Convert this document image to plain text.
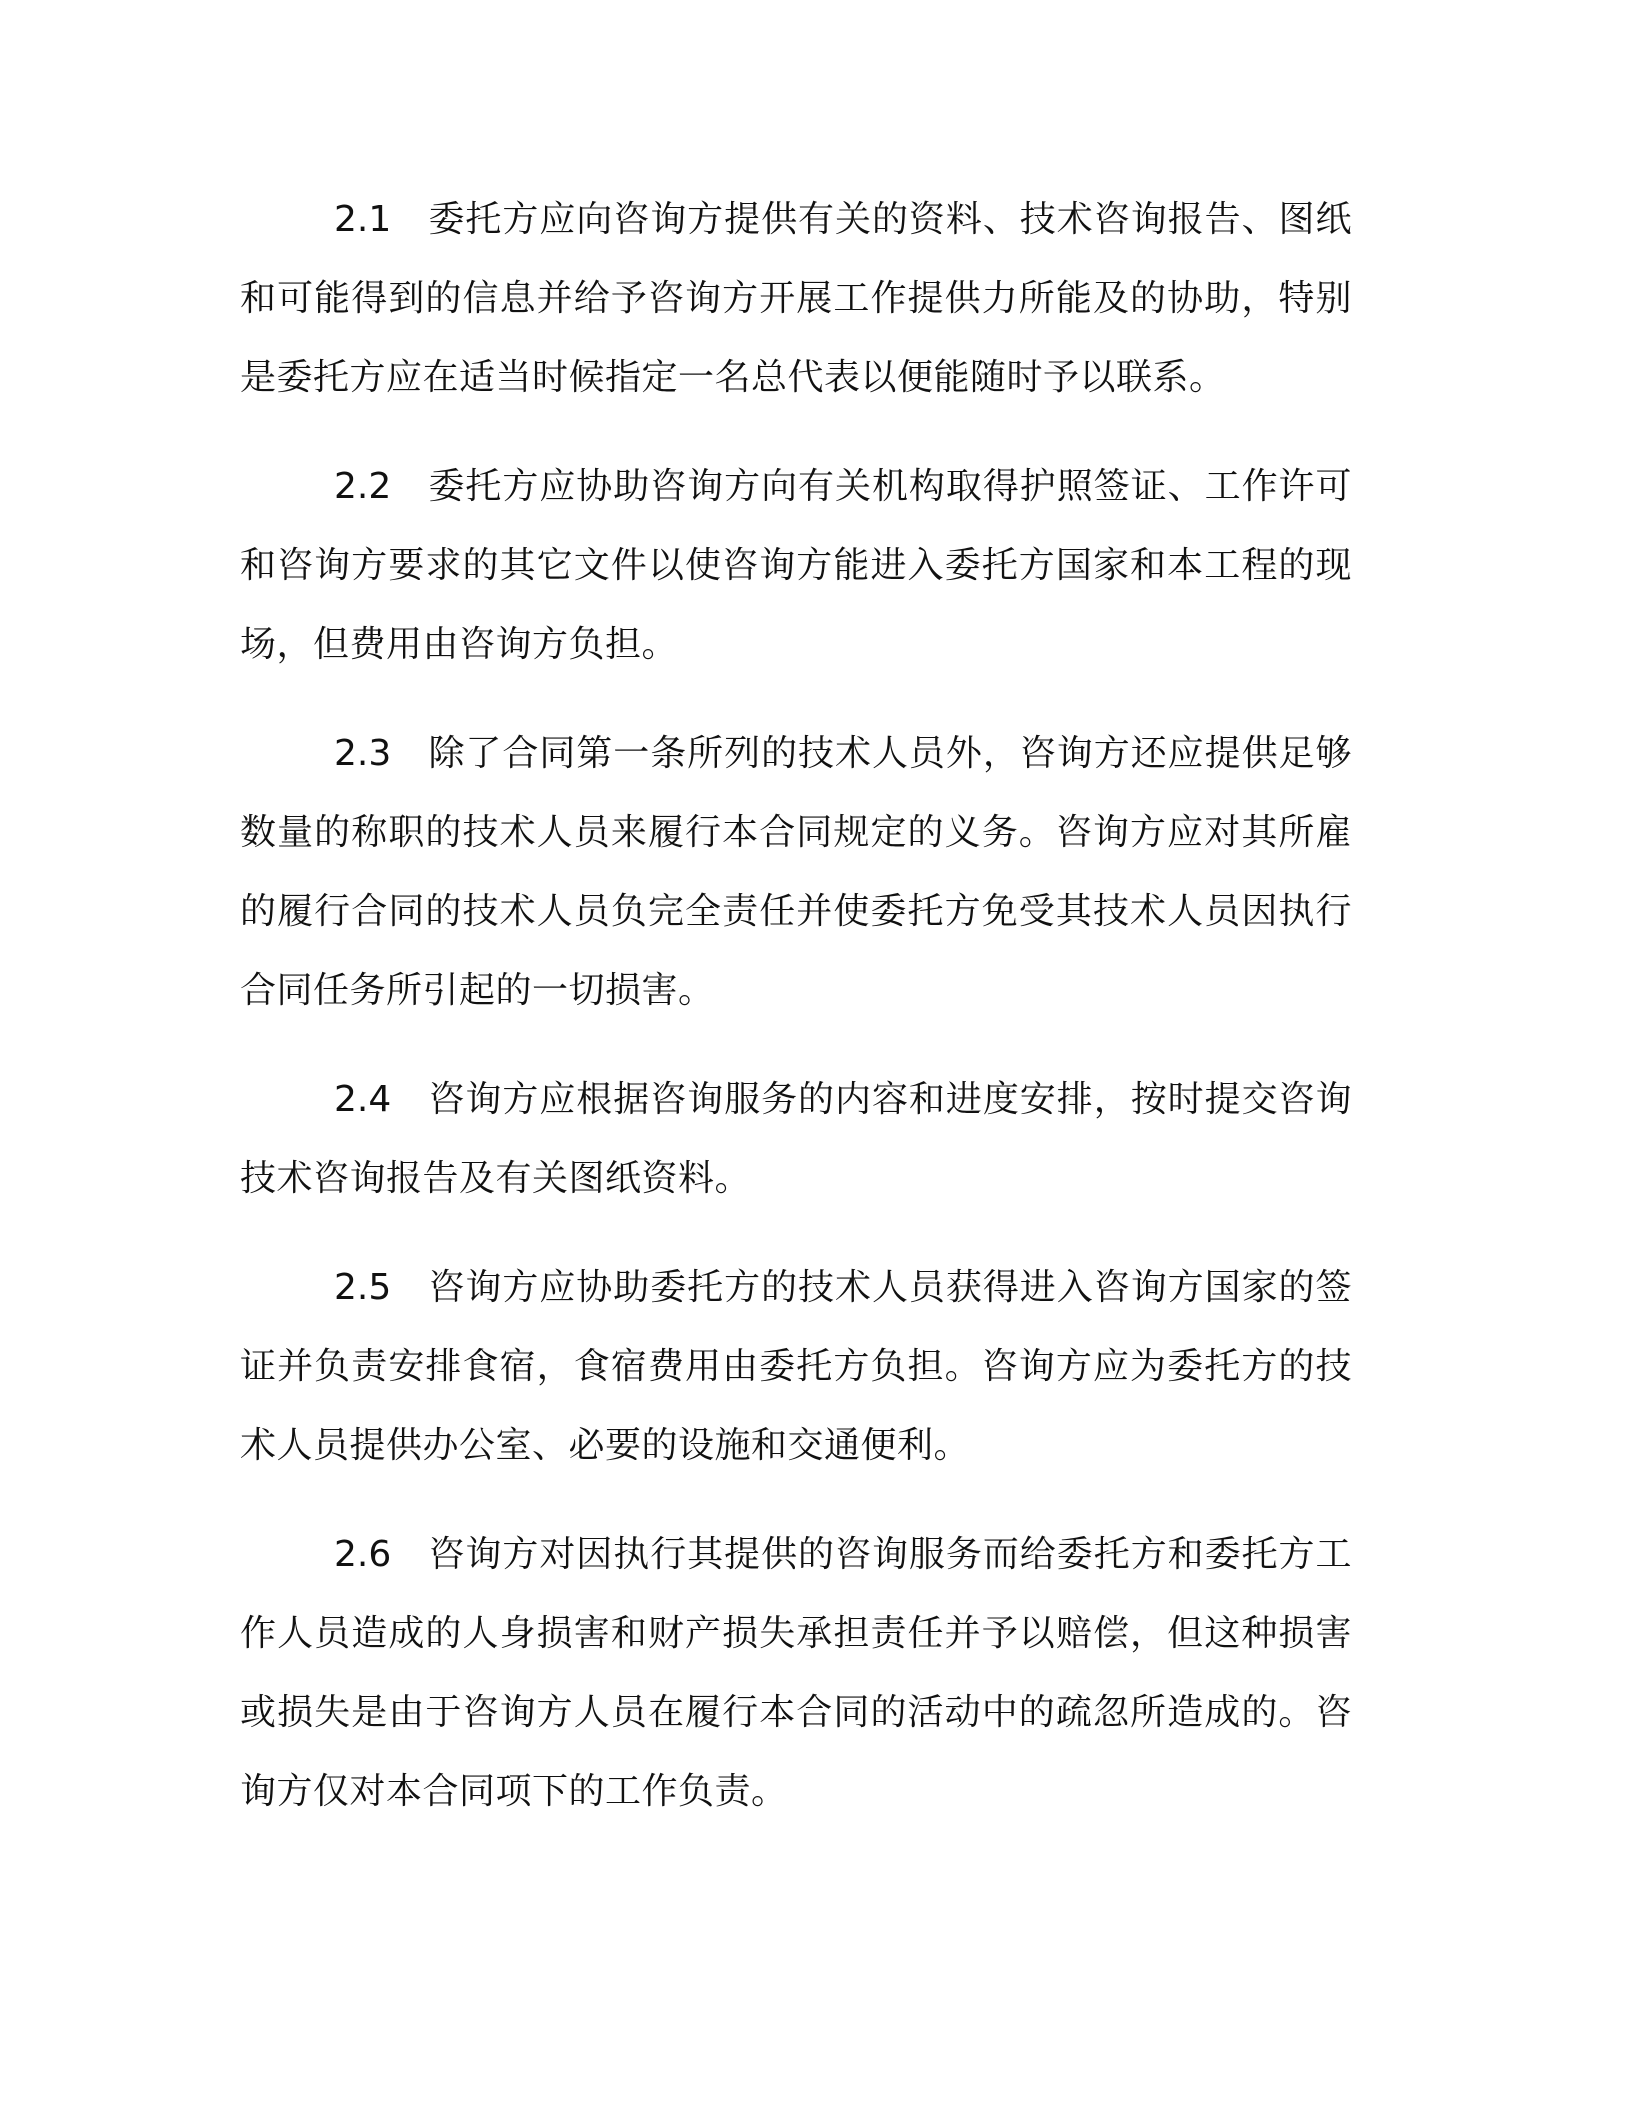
2.1 委托方应向咨询方提供有关的资料、技术咨询报告、图纸和可能得到的信息并给予咨询方开展工作提供力所能及的协助，特别是委托方应在适当时候指定一名总代表以便能随时予以联系。

2.2 委托方应协助咨询方向有关机构取得护照签证、工作许可和咨询方要求的其它文件以使咨询方能进入委托方国家和本工程的现场，但费用由咨询方负担。

2.3 除了合同第一条所列的技术人员外，咨询方还应提供足够数量的称职的技术人员来履行本合同规定的义务。咨询方应对其所雇的履行合同的技术人员负完全责任并使委托方免受其技术人员因执行合同任务所引起的一切损害。

2.4 咨询方应根据咨询服务的内容和进度安排，按时提交咨询技术咨询报告及有关图纸资料。

2.5 咨询方应协助委托方的技术人员获得进入咨询方国家的签证并负责安排食宿，食宿费用由委托方负担。咨询方应为委托方的技术人员提供办公室、必要的设施和交通便利。

2.6 咨询方对因执行其提供的咨询服务而给委托方和委托方工作人员造成的人身损害和财产损失承担责任并予以赔偿，但这种损害或损失是由于咨询方人员在履行本合同的活动中的疏忽所造成的。咨询方仅对本合同项下的工作负责。
